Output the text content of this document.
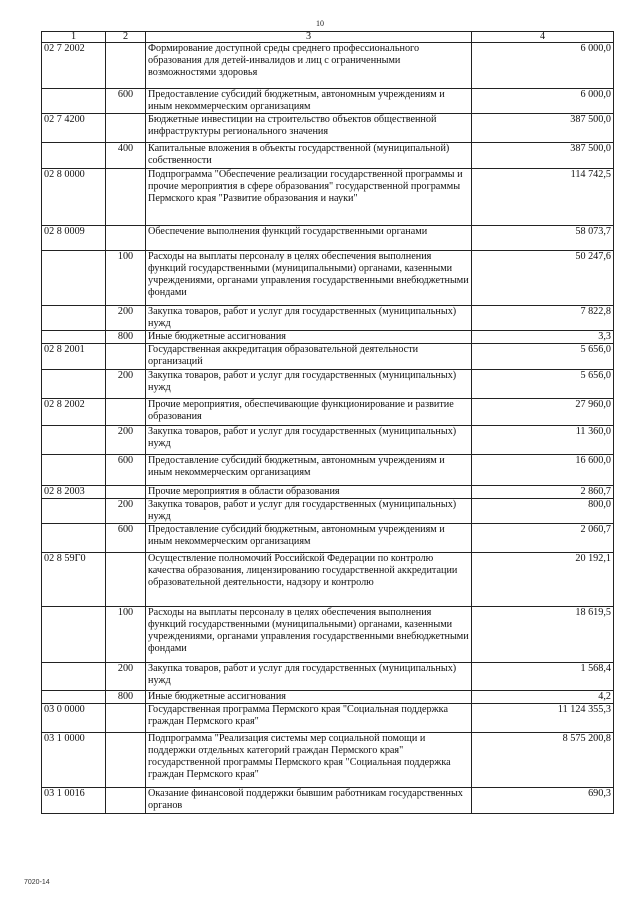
10
1	2	3	4
02 7 2002		Формирование доступной среды среднего профессионального образования для детей-инвалидов и лиц с ограниченными возможностями здоровья	6 000,0
	600	Предоставление субсидий бюджетным, автономным учреждениям и иным некоммерческим организациям	6 000,0
02 7 4200		Бюджетные инвестиции на строительство объектов общественной инфраструктуры регионального значения	387 500,0
	400	Капитальные вложения в объекты государственной (муниципальной) собственности	387 500,0
02 8 0000		Подпрограмма "Обеспечение реализации государственной программы и прочие мероприятия в сфере образования" государственной программы Пермского края "Развитие образования и науки"	114 742,5
02 8 0009		Обеспечение выполнения функций государственными органами	58 073,7
	100	Расходы на выплаты персоналу в целях обеспечения выполнения функций государственными (муниципальными) органами, казенными учреждениями, органами управления государственными внебюджетными фондами	50 247,6
	200	Закупка товаров, работ и услуг для государственных (муниципальных) нужд	7 822,8
	800	Иные бюджетные ассигнования	3,3
02 8 2001		Государственная аккредитация образовательной деятельности организаций	5 656,0
	200	Закупка товаров, работ и услуг для государственных (муниципальных) нужд	5 656,0
02 8 2002		Прочие мероприятия, обеспечивающие функционирование и развитие образования	27 960,0
	200	Закупка товаров, работ и услуг для государственных (муниципальных) нужд	11 360,0
	600	Предоставление субсидий бюджетным, автономным учреждениям и иным некоммерческим организациям	16 600,0
02 8 2003		Прочие мероприятия в области образования	2 860,7
	200	Закупка товаров, работ и услуг для государственных (муниципальных) нужд	800,0
	600	Предоставление субсидий бюджетным, автономным учреждениям и иным некоммерческим организациям	2 060,7
02 8 59Г0		Осуществление полномочий Российской Федерации по контролю качества образования, лицензированию государственной аккредитации образовательной деятельности, надзору и контролю	20 192,1
	100	Расходы на выплаты персоналу в целях обеспечения выполнения функций государственными (муниципальными) органами, казенными учреждениями, органами управления государственными внебюджетными фондами	18 619,5
	200	Закупка товаров, работ и услуг для государственных (муниципальных) нужд	1 568,4
	800	Иные бюджетные ассигнования	4,2
03 0 0000		Государственная программа Пермского края "Социальная поддержка граждан Пермского края"	11 124 355,3
03 1 0000		Подпрограмма "Реализация системы мер социальной помощи и поддержки отдельных категорий граждан Пермского края" государственной программы Пермского края "Социальная поддержка граждан Пермского края"	8 575 200,8
03 1 0016		Оказание финансовой поддержки бывшим работникам государственных органов	690,3
7020-14
